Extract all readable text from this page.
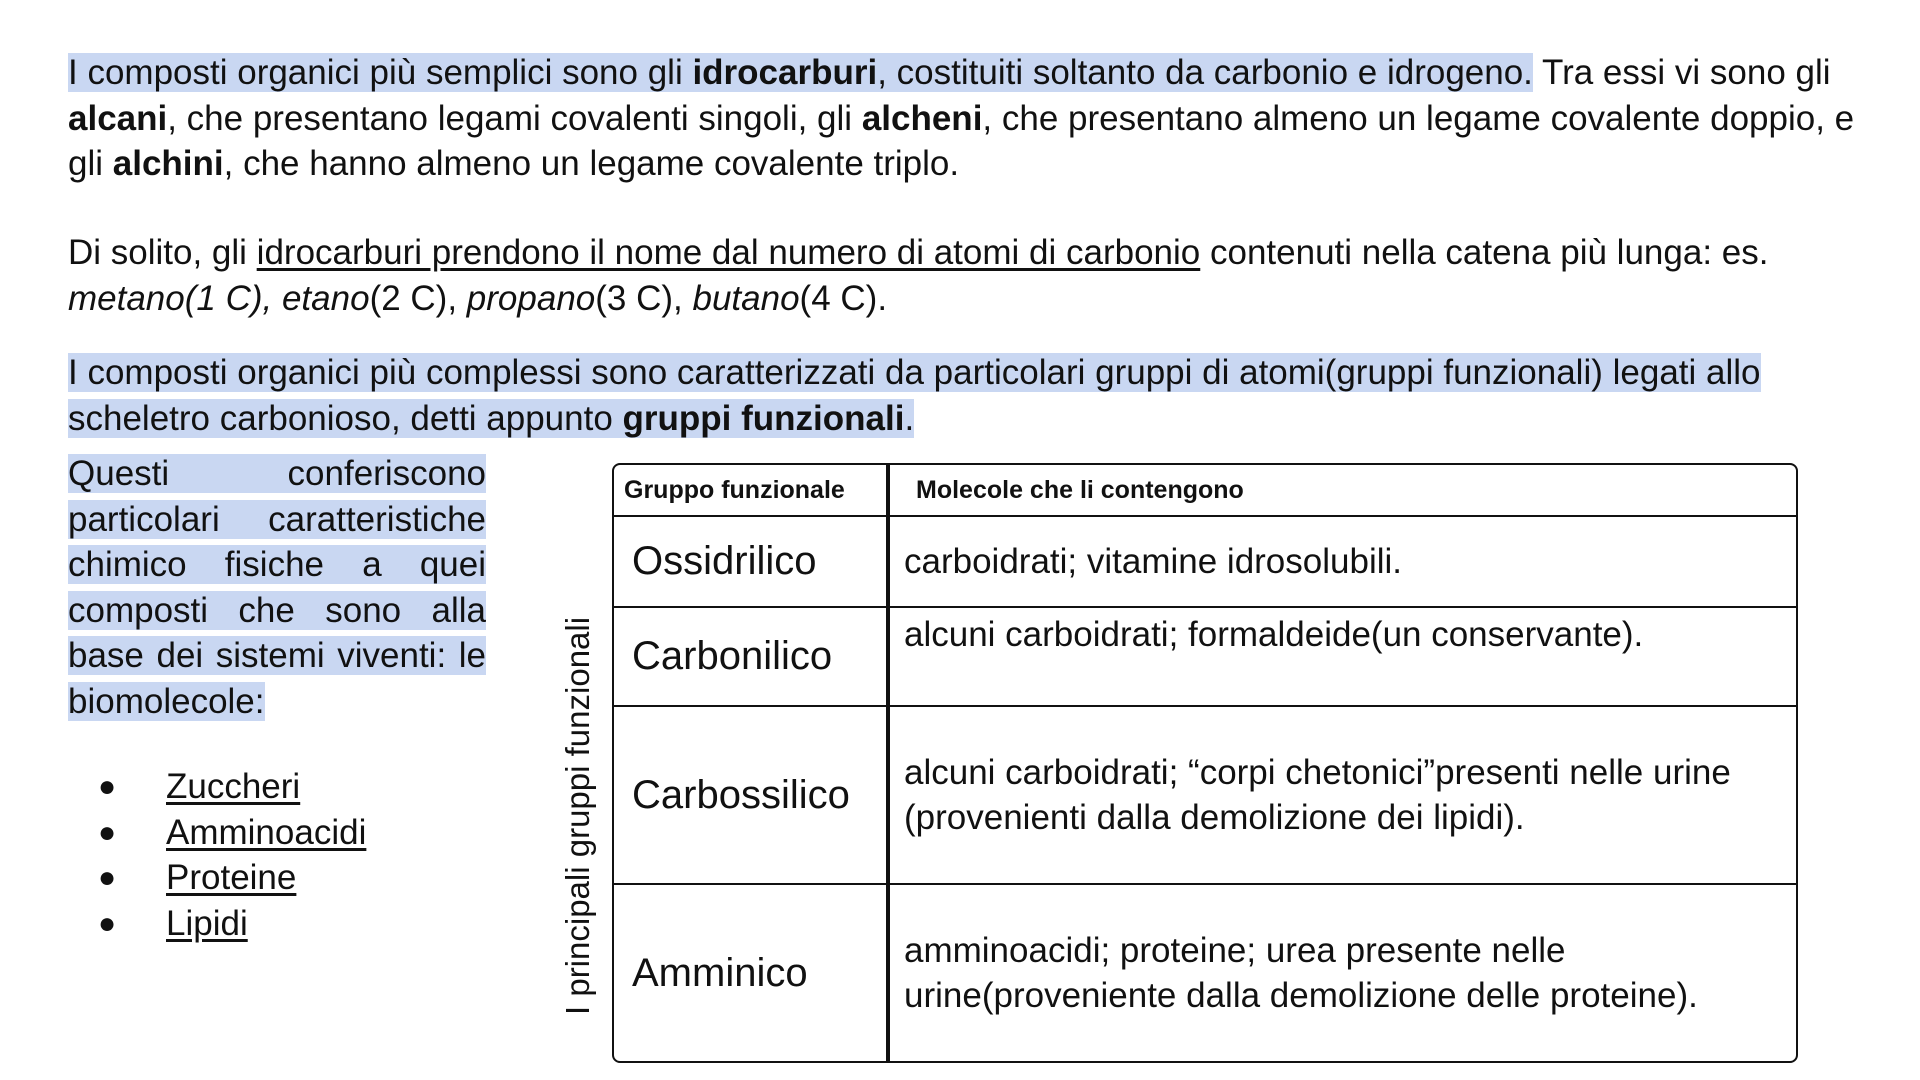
I composti organici più semplici sono gli idrocarburi, costituiti soltanto da carbonio e idrogeno. Tra essi vi sono gli alcani, che presentano legami covalenti singoli, gli alcheni, che presentano almeno un legame covalente doppio, e gli alchini, che hanno almeno un legame covalente triplo.

Di solito, gli idrocarburi prendono il nome dal numero di atomi di carbonio contenuti nella catena più lunga: es. metano(1 C), etano(2 C), propano(3 C), butano(4 C).

I composti organici più complessi sono caratterizzati da particolari gruppi di atomi(gruppi funzionali) legati allo scheletro carbonioso, detti appunto gruppi funzionali.

Questi conferiscono particolari caratteristiche chimico fisiche a quei composti che sono alla base dei sistemi viventi: le biomolecole:

● Zuccheri
● Amminoacidi
● Proteine
● Lipidi	I principali gruppi funzionali
Gruppo funzionale	Molecole che li contengono
Ossidrilico	carboidrati; vitamine idrosolubili.
Carbonilico	alcuni carboidrati; formaldeide(un conservante).
Carbossilico	alcuni carboidrati; “corpi chetonici”presenti nelle urine (provenienti dalla demolizione dei lipidi).
Amminico	amminoacidi; proteine; urea presente nelle urine(proveniente dalla demolizione delle proteine).
